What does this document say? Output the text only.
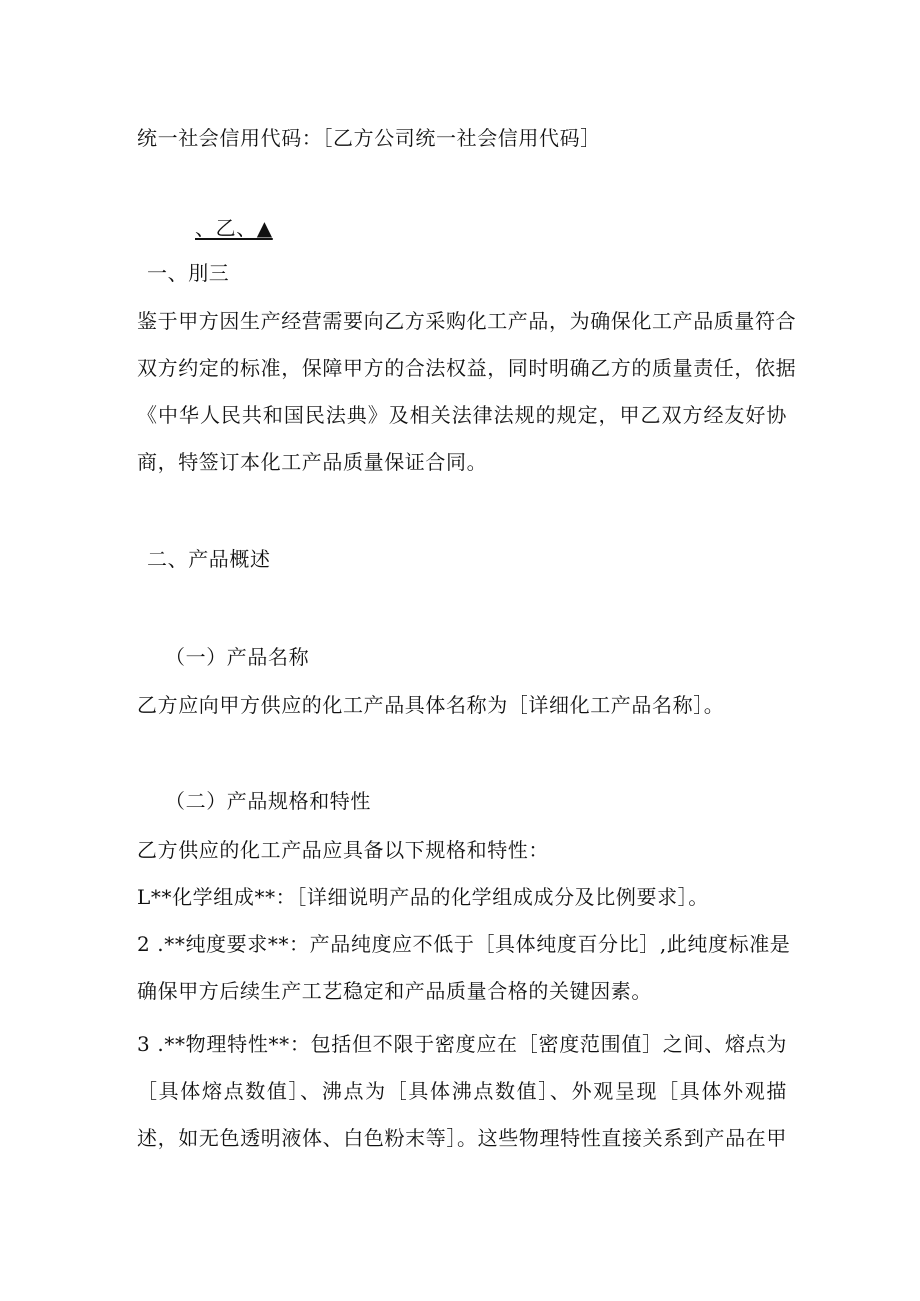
统一社会信用代码：［乙方公司统一社会信用代码］
、乙、▲
一、刖三
鉴于甲方因生产经营需要向乙方采购化工产品，为确保化工产品质量符合
双方约定的标准，保障甲方的合法权益，同时明确乙方的质量责任，依据
《中华人民共和国民法典》及相关法律法规的规定，甲乙双方经友好协
商，特签订本化工产品质量保证合同。
二、产品概述
（一）产品名称
乙方应向甲方供应的化工产品具体名称为［详细化工产品名称］。
（二）产品规格和特性
乙方供应的化工产品应具备以下规格和特性：
L**化学组成**：［详细说明产品的化学组成成分及比例要求］。
2 .**纯度要求**：产品纯度应不低于［具体纯度百分比］,此纯度标准是
确保甲方后续生产工艺稳定和产品质量合格的关键因素。
3 .**物理特性**：包括但不限于密度应在［密度范围值］之间、熔点为
［具体熔点数值］、沸点为［具体沸点数值］、外观呈现［具体外观描
述，如无色透明液体、白色粉末等］。这些物理特性直接关系到产品在甲
